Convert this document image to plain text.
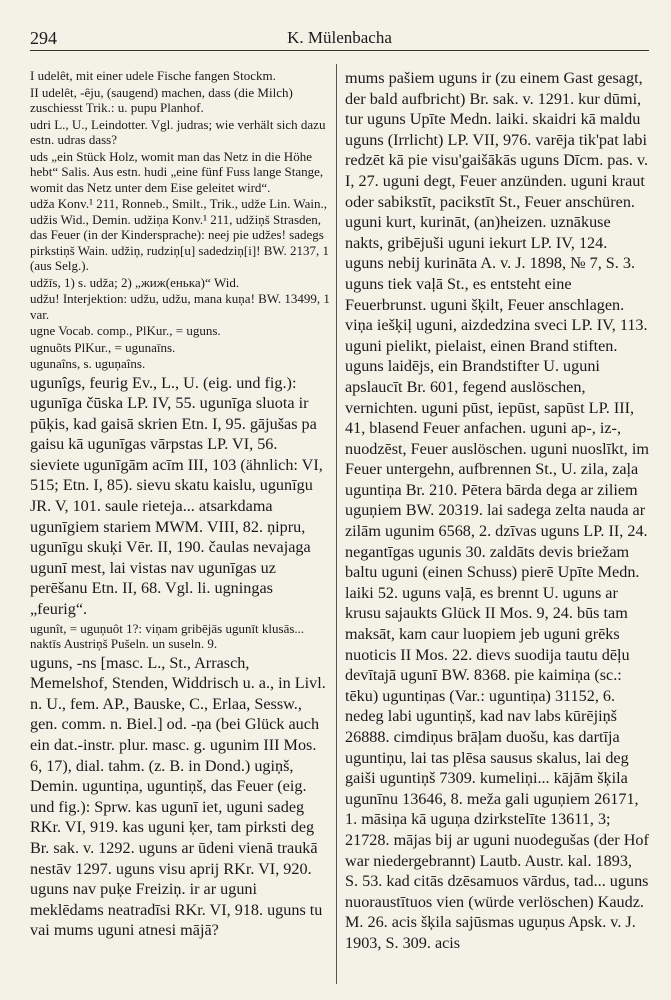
294	K. Mülenbacha

I udelêt, mit einer udele Fische fangen Stockm.

II udelêt, -êju, (saugend) machen, dass (die Milch) zuschiesst Trik.: u. pupu Planhof.

udri L., U., Leindotter. Vgl. judras; wie verhält sich dazu estn. udras dass?

uds „ein Stück Holz, womit man das Netz in die Höhe hebt“ Salis. Aus estn. hudi „eine fünf Fuss lange Stange, womit das Netz unter dem Eise geleitet wird“.

udža Konv.¹ 211, Ronneb., Smilt., Trik., udže Lin. Wain., udžis Wid., Demin. udžiņa Konv.¹ 211, udžiņš Strasden, das Feuer (in der Kindersprache): neej pie udžes! sadegs pirkstiņš Wain. udžiņ, rudziņ[u] sadedziņ[i]! BW. 2137, 1 (aus Selg.).

udžīs, 1) s. udža; 2) „жиж(енька)“ Wid.

udžu! Interjektion: udžu, udžu, mana kuņa! BW. 13499, 1 var.

ugne Vocab. comp., PlKur., = uguns.

ugnuõts PlKur., = ugunaīns.

ugunaîns, s. uguņaîns.

ugunîgs, feurig Ev., L., U. (eig. und fig.): ugunīga čūska LP. IV, 55. ugunīga sluota ir pūķis, kad gaisā skrien Etn. I, 95. gājušas pa gaisu kā ugunīgas vārpstas LP. VI, 56. sieviete ugunīgām acīm III, 103 (ähnlich: VI, 515; Etn. I, 85). sievu skatu kaislu, ugunīgu JR. V, 101. saule rieteja... atsarkdama ugunīgiem stariem MWM. VIII, 82. ņipru, ugunīgu skuķi Vēr. II, 190. čaulas nevajaga ugunī mest, lai vistas nav ugunīgas uz perēšanu Etn. II, 68. Vgl. li. ugningas „feurig“.

ugunît, = uguņuôt 1?: viņam gribējās ugunīt klusās... naktīs Austriņš Pušeln. un suseln. 9.

uguns, -ns [masc. L., St., Arrasch, Memelshof, Stenden, Widdrisch u. a., in Livl. n. U., fem. AP., Bauske, C., Erlaa, Sessw., gen. comm. n. Biel.] od. -ņa (bei Glück auch ein dat.-instr. plur. masc. g. ugunim III Mos. 6, 17), dial. tahm. (z. B. in Dond.) ugiņš, Demin. uguntiņa, uguntiņš, das Feuer (eig. und fig.): Sprw. kas ugunī iet, uguni sadeg RKr. VI, 919. kas uguni ķer, tam pirksti deg Br. sak. v. 1292. uguns ar ūdeni vienā traukā nestāv 1297. uguns visu aprij RKr. VI, 920. uguns nav puķe Freiziņ. ir ar uguni meklēdams neatradīsi RKr. VI, 918. uguns tu vai mums uguni atnesi mājā?

mums pašiem uguns ir (zu einem Gast gesagt, der bald aufbricht) Br. sak. v. 1291. kur dūmi, tur uguns Upīte Medn. laiki. skaidri kā maldu uguns (Irrlicht) LP. VII, 976. varēja tik'pat labi redzēt kā pie visu'gaišākās uguns Dīcm. pas. v. I, 27. uguni degt, Feuer anzünden. uguni kraut oder sabikstīt, pacikstīt St., Feuer anschüren. uguni kurt, kurināt, (an)heizen. uznākuse nakts, gribējuši uguni iekurt LP. IV, 124. uguns nebij kurināta A. v. J. 1898, № 7, S. 3. uguns tiek vaļā St., es entsteht eine Feuerbrunst. uguni šķilt, Feuer anschlagen. viņa iešķiļ uguni, aizdedzina sveci LP. IV, 113. uguni pielikt, pielaist, einen Brand stiften. uguns laidējs, ein Brandstifter U. uguni apslaucīt Br. 601, fegend auslöschen, vernichten. uguni pūst, iepūst, sapūst LP. III, 41, blasend Feuer anfachen. uguni ap-, iz-, nuodzēst, Feuer auslöschen. uguni nuoslīkt, im Feuer untergehn, aufbrennen St., U. zila, zaļa uguntiņa Br. 210. Pētera bārda dega ar ziliem uguņiem BW. 20319. lai sadega zelta nauda ar zilām ugunim 6568, 2. dzīvas uguns LP. II, 24. negantīgas ugunis 30. zaldāts devis briežam baltu uguni (einen Schuss) pierē Upīte Medn. laiki 52. uguns vaļā, es brennt U. uguns ar krusu sajaukts Glück II Mos. 9, 24. būs tam maksāt, kam caur luopiem jeb uguni grēks nuoticis II Mos. 22. dievs suodija tautu dēļu devītajā ugunī BW. 8368. pie kaimiņa (sc.: tēku) uguntiņas (Var.: uguntiņa) 31152, 6. nedeg labi uguntiņš, kad nav labs kūrējiņš 26888. cimdiņus brāļam duošu, kas dartīja uguntiņu, lai tas plēsa sausus skalus, lai deg gaiši uguntiņš 7309. kumeliņi... kājām šķila ugunīnu 13646, 8. meža gali uguņiem 26171, 1. māsiņa kā uguņa dzirkstelīte 13611, 3; 21728. mājas bij ar uguni nuodegušas (der Hof war niedergebrannt) Lautb. Austr. kal. 1893, S. 53. kad citās dzēsamuos vārdus, tad... uguns nuoraustītuos vien (würde verlöschen) Kaudz. M. 26. acis šķila sajūsmas uguņus Apsk. v. J. 1903, S. 309. acis
